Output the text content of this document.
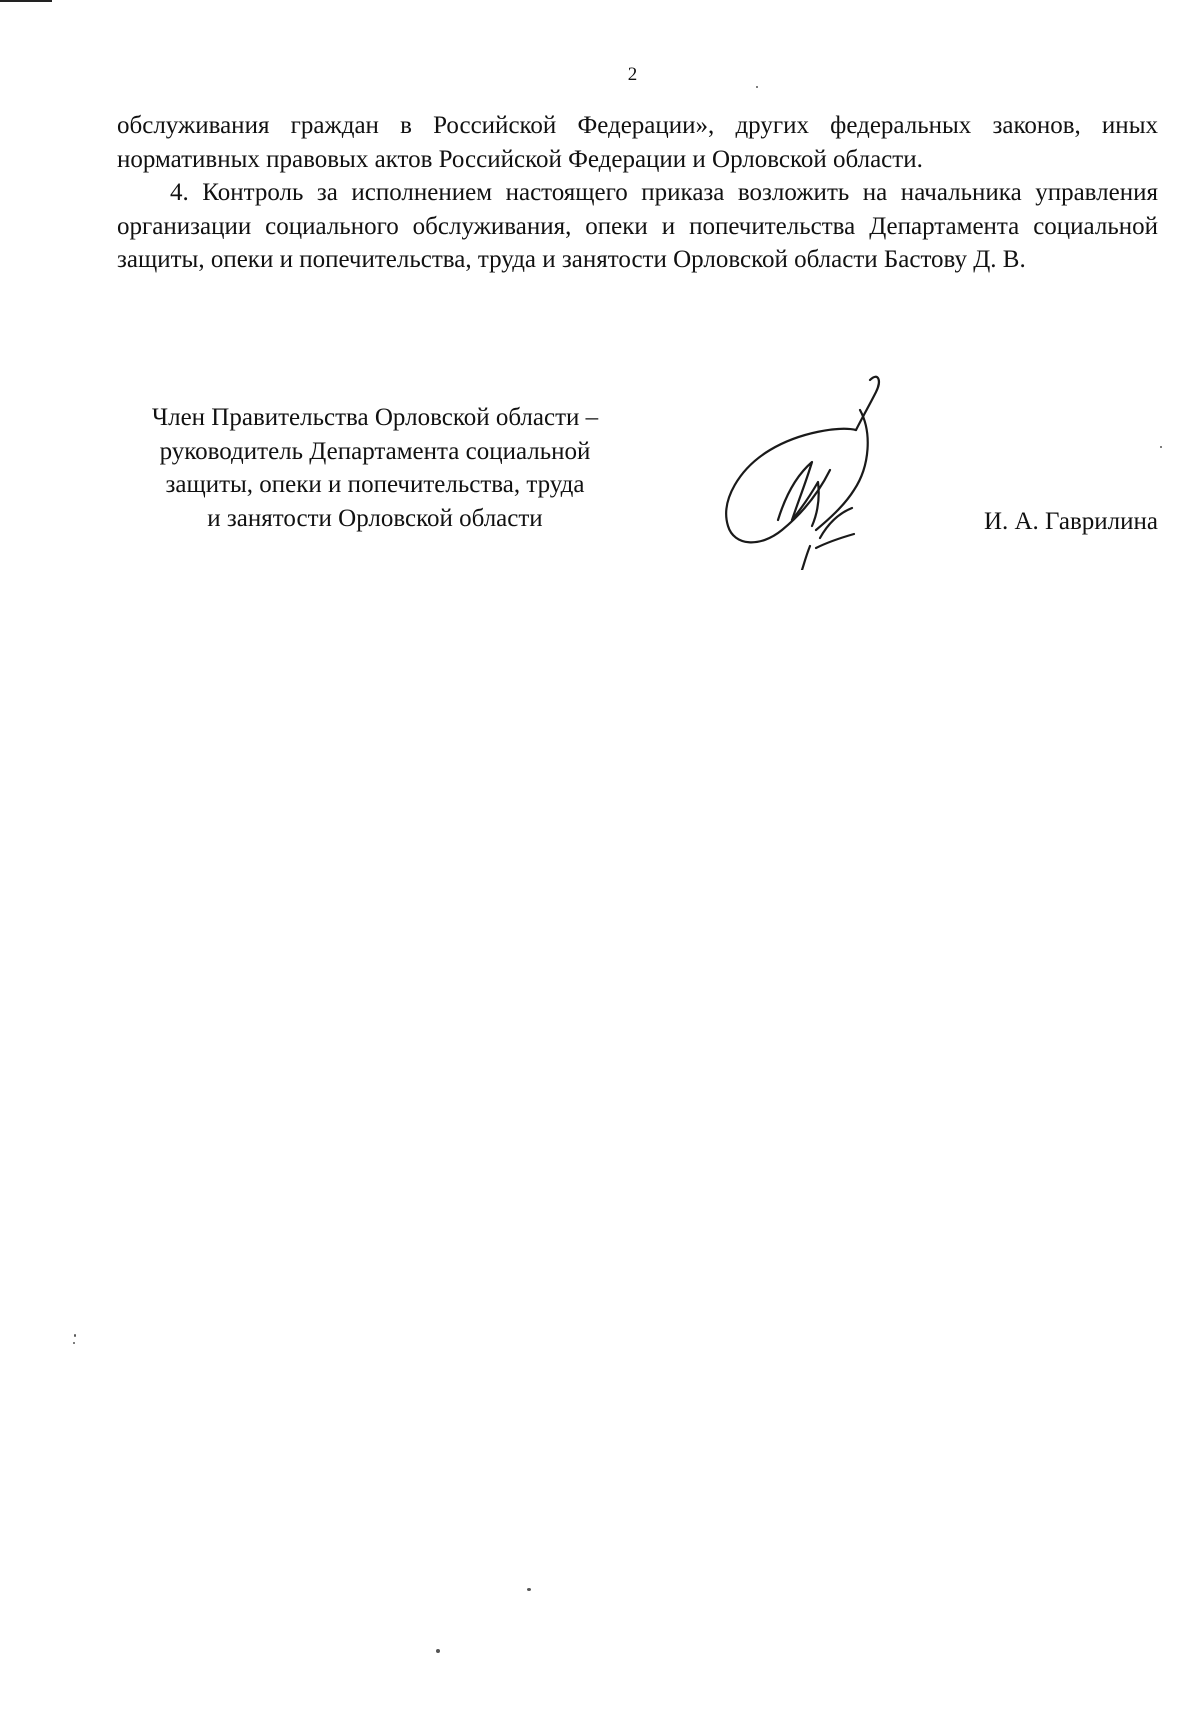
2

обслуживания граждан в Российской Федерации», других федеральных законов, иных нормативных правовых актов Российской Федерации и Орловской области.

4. Контроль за исполнением настоящего приказа возложить на начальника управления организации социального обслуживания, опеки и попечительства Департамента социальной защиты, опеки и попечительства, труда и занятости Орловской области Бастову Д. В.

Член Правительства Орловской области –
руководитель Департамента социальной
защиты, опеки и попечительства, труда
и занятости Орловской области	И. А. Гаврилина
